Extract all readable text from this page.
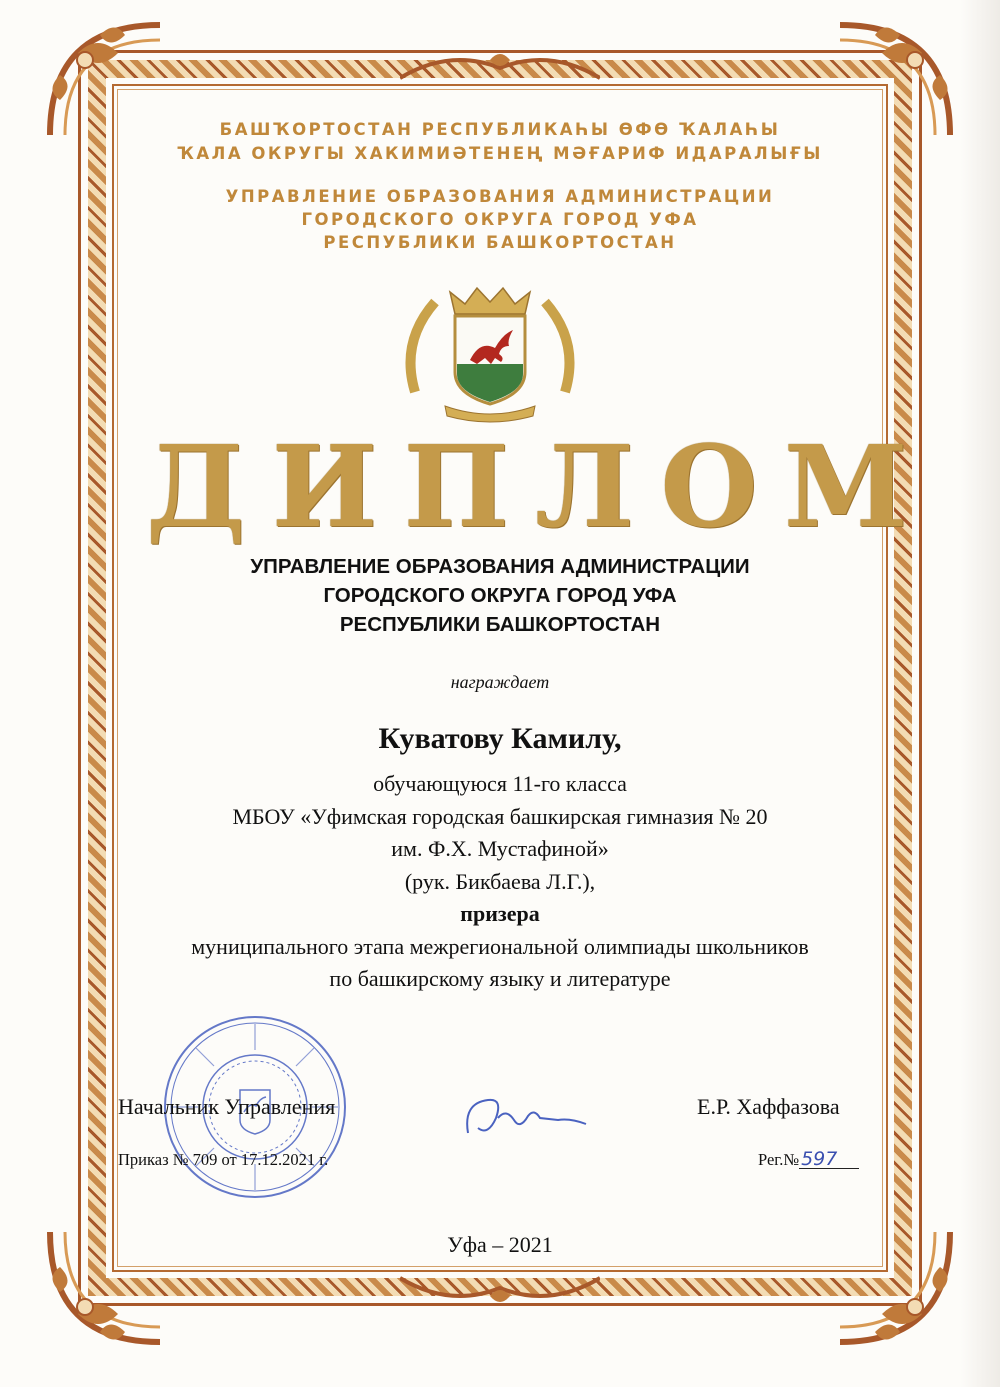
БАШҠОРТОСТАН РЕСПУБЛИКАҺЫ ӨФӨ ҠАЛАҺЫ
ҠАЛА ОКРУГЫ ХАКИМИӘТЕНЕҢ МӘҒАРИФ ИДАРАЛЫҒЫ
УПРАВЛЕНИЕ ОБРАЗОВАНИЯ АДМИНИСТРАЦИИ
ГОРОДСКОГО ОКРУГА ГОРОД УФА
РЕСПУБЛИКИ БАШКОРТОСТАН
ДИПЛОМ
УПРАВЛЕНИЕ ОБРАЗОВАНИЯ АДМИНИСТРАЦИИ
ГОРОДСКОГО ОКРУГА ГОРОД УФА
РЕСПУБЛИКИ БАШКОРТОСТАН
награждает
Куватову Камилу,
обучающуюся 11-го класса
МБОУ «Уфимская городская башкирская гимназия № 20
им. Ф.Х. Мустафиной»
(рук. Бикбаева Л.Г.),
призера
муниципального этапа межрегиональной олимпиады школьников
по башкирскому языку и литературе
Начальник Управления	Е.Р. Хаффазова
Приказ № 709 от 17.12.2021 г.	Рег.№ 597
Уфа – 2021
